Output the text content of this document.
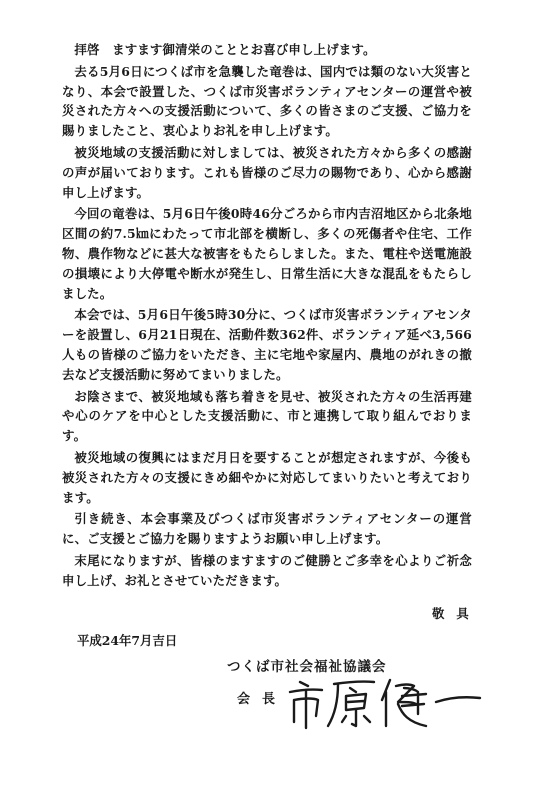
拝啓　ますます御清栄のこととお喜び申し上げます。

去る5月6日につくば市を急襲した竜巻は、国内では類のない大災害となり、本会で設置した、つくば市災害ボランティアセンターの運営や被災された方々への支援活動について、多くの皆さまのご支援、ご協力を賜りましたこと、衷心よりお礼を申し上げます。

被災地域の支援活動に対しましては、被災された方々から多くの感謝の声が届いております。これも皆様のご尽力の賜物であり、心から感謝申し上げます。

今回の竜巻は、5月6日午後0時46分ごろから市内吉沼地区から北条地区間の約7.5㎞にわたって市北部を横断し、多くの死傷者や住宅、工作物、農作物などに甚大な被害をもたらしました。また、電柱や送電施設の損壊により大停電や断水が発生し、日常生活に大きな混乱をもたらしました。

本会では、5月6日午後5時30分に、つくば市災害ボランティアセンターを設置し、6月21日現在、活動件数362件、ボランティア延べ3,566人もの皆様のご協力をいただき、主に宅地や家屋内、農地のがれきの撤去など支援活動に努めてまいりました。

お陰さまで、被災地域も落ち着きを見せ、被災された方々の生活再建や心のケアを中心とした支援活動に、市と連携して取り組んでおります。

被災地域の復興にはまだ月日を要することが想定されますが、今後も被災された方々の支援にきめ細やかに対応してまいりたいと考えております。

引き続き、本会事業及びつくば市災害ボランティアセンターの運営に、ご支援とご協力を賜りますようお願い申し上げます。

末尾になりますが、皆様のますますのご健勝とご多幸を心よりご祈念申し上げ、お礼とさせていただきます。

敬具
平成24年7月吉日
つくば市社会福祉協議会
会長
